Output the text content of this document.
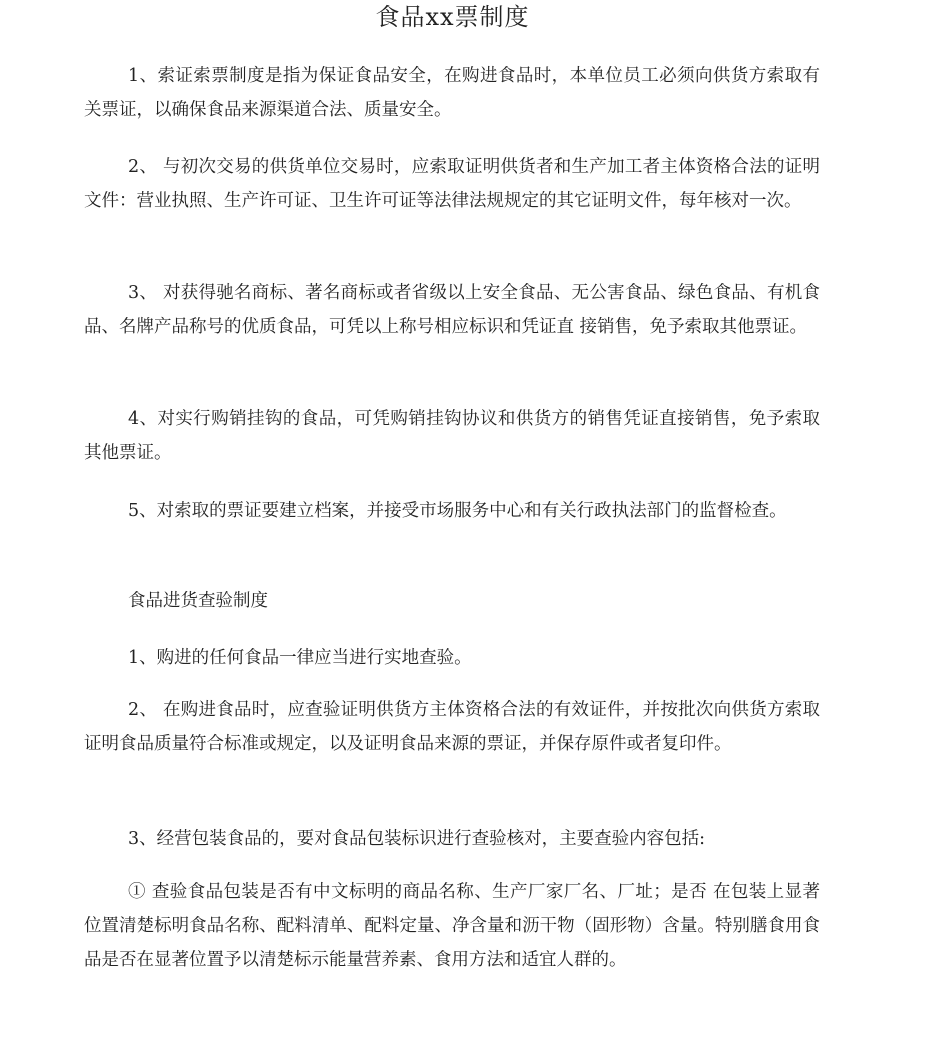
食品xx票制度

1、索证索票制度是指为保证食品安全，在购进食品时，本单位员工必须向供货方索取有关票证，以确保食品来源渠道合法、质量安全。

2、 与初次交易的供货单位交易时，应索取证明供货者和生产加工者主体资格合法的证明文件：营业执照、生产许可证、卫生许可证等法律法规规定的其它证明文件，每年核对一次。

3、 对获得驰名商标、著名商标或者省级以上安全食品、无公害食品、绿色食品、有机食品、名牌产品称号的优质食品，可凭以上称号相应标识和凭证直 接销售，免予索取其他票证。

4、对实行购销挂钩的食品，可凭购销挂钩协议和供货方的销售凭证直接销售，免予索取其他票证。

5、对索取的票证要建立档案，并接受市场服务中心和有关行政执法部门的监督检查。

食品进货查验制度

1、购进的任何食品一律应当进行实地查验。

2、 在购进食品时，应查验证明供货方主体资格合法的有效证件，并按批次向供货方索取证明食品质量符合标准或规定，以及证明食品来源的票证，并保存原件或者复印件。

3、经营包装食品的，要对食品包装标识进行查验核对，主要查验内容包括:

① 查验食品包装是否有中文标明的商品名称、生产厂家厂名、厂址；是否 在包装上显著位置清楚标明食品名称、配料清单、配料定量、净含量和沥干物（固形物）含量。特别膳食用食品是否在显著位置予以清楚标示能量营养素、食用方法和适宜人群的。
